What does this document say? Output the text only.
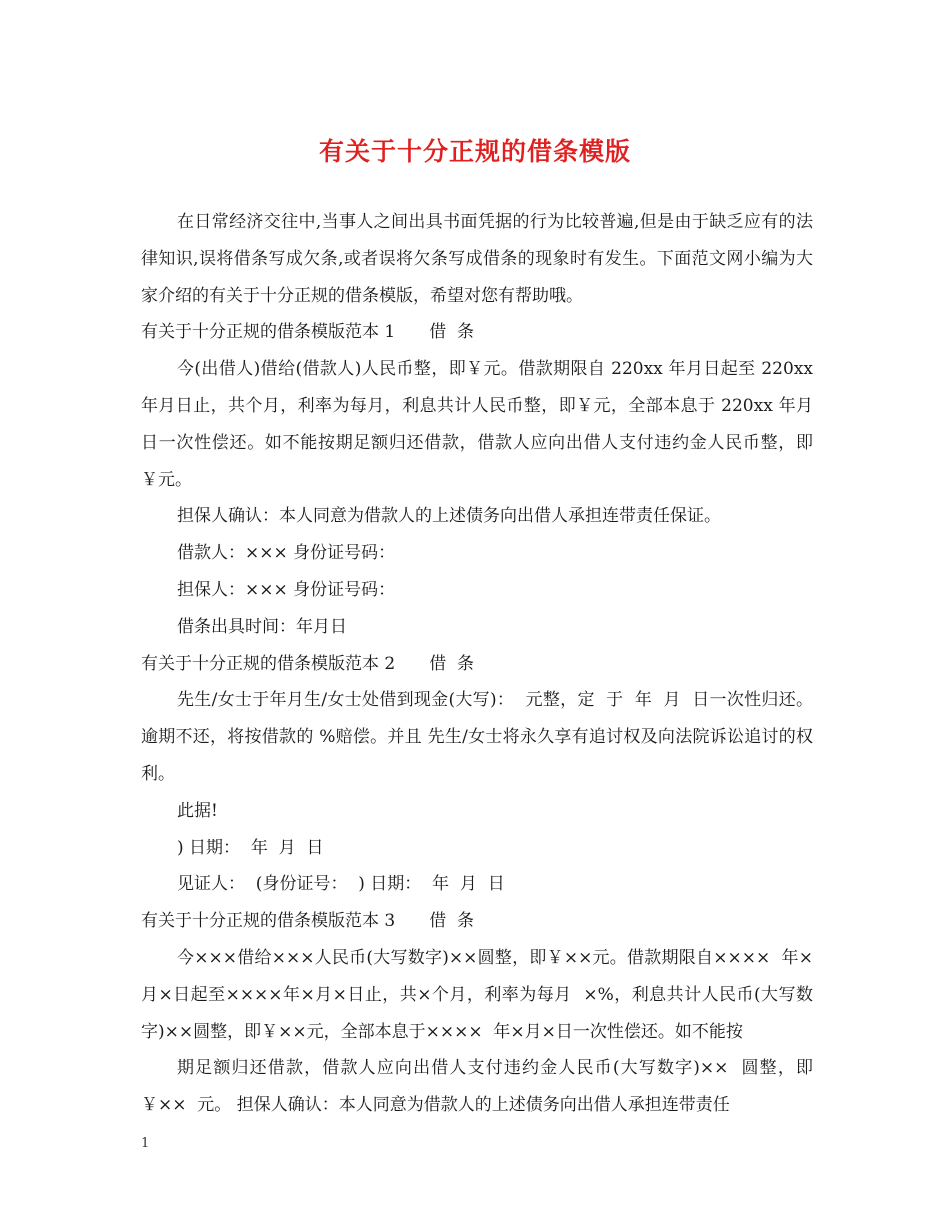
有关于十分正规的借条模版

在日常经济交往中,当事人之间出具书面凭据的行为比较普遍,但是由于缺乏应有的法律知识,误将借条写成欠条,或者误将欠条写成借条的现象时有发生。下面范文网小编为大家介绍的有关于十分正规的借条模版，希望对您有帮助哦。

有关于十分正规的借条模版范本 1 借  条

今(出借人)借给(借款人)人民币整，即￥元。借款期限自 220xx 年月日起至 220xx 年月日止，共个月，利率为每月，利息共计人民币整，即￥元，全部本息于 220xx 年月日一次性偿还。如不能按期足额归还借款，借款人应向出借人支付违约金人民币整，即￥元。

担保人确认：本人同意为借款人的上述债务向出借人承担连带责任保证。

借款人：××× 身份证号码：

担保人：××× 身份证号码：

借条出具时间：年月日

有关于十分正规的借条模版范本 2 借  条

先生/女士于年月生/女士处借到现金(大写)：  元整，定  于  年  月  日一次性归还。逾期不还，将按借款的 %赔偿。并且 先生/女士将永久享有追讨权及向法院诉讼追讨的权利。

此据!

) 日期：  年  月  日

见证人：  (身份证号：  ) 日期：  年  月  日

有关于十分正规的借条模版范本 3 借  条

今×××借给×××人民币(大写数字)××圆整，即￥××元。借款期限自××××  年×月×日起至××××年×月×日止，共×个月，利率为每月  ×%，利息共计人民币(大写数字)××圆整，即￥××元，全部本息于××××  年×月×日一次性偿还。如不能按

期足额归还借款，借款人应向出借人支付违约金人民币(大写数字)××  圆整，即￥××  元。 担保人确认：本人同意为借款人的上述债务向出借人承担连带责任

1
